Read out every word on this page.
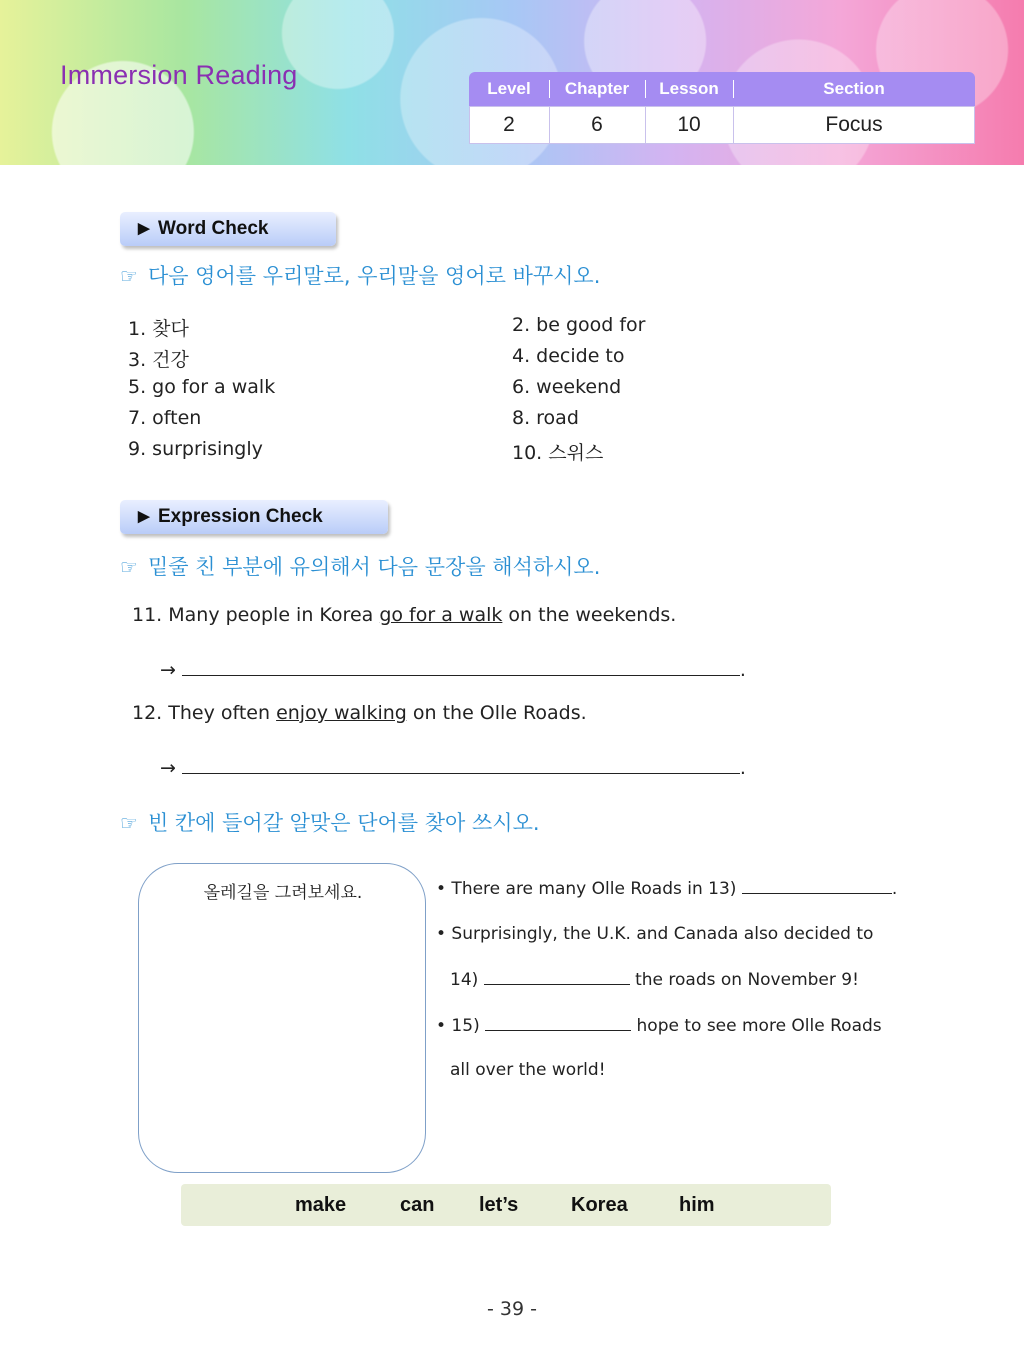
Immersion Reading	Level	Chapter	Lesson	Section
2	6	10	Focus
▶ Word Check
☞ 다음 영어를 우리말로, 우리말을 영어로 바꾸시오.
1. 찾다	2. be good for
3. 건강	4. decide to
5. go for a walk	6. weekend
7. often	8. road
9. surprisingly	10. 스위스
▶ Expression Check
☞ 밑줄 친 부분에 유의해서 다음 문장을 해석하시오.
11. Many people in Korea go for a walk on the weekends.
→	.
12. They often enjoy walking on the Olle Roads.
→	.
☞ 빈 칸에 들어갈 알맞은 단어를 찾아 쓰시오.
올레길을 그려보세요.	• There are many Olle Roads in 13)	.
• Surprisingly, the U.K. and Canada also decided to
14)	the roads on November 9!
• 15)	hope to see more Olle Roads
all over the world!
make	can let’s	Korea	him
- 39 -
